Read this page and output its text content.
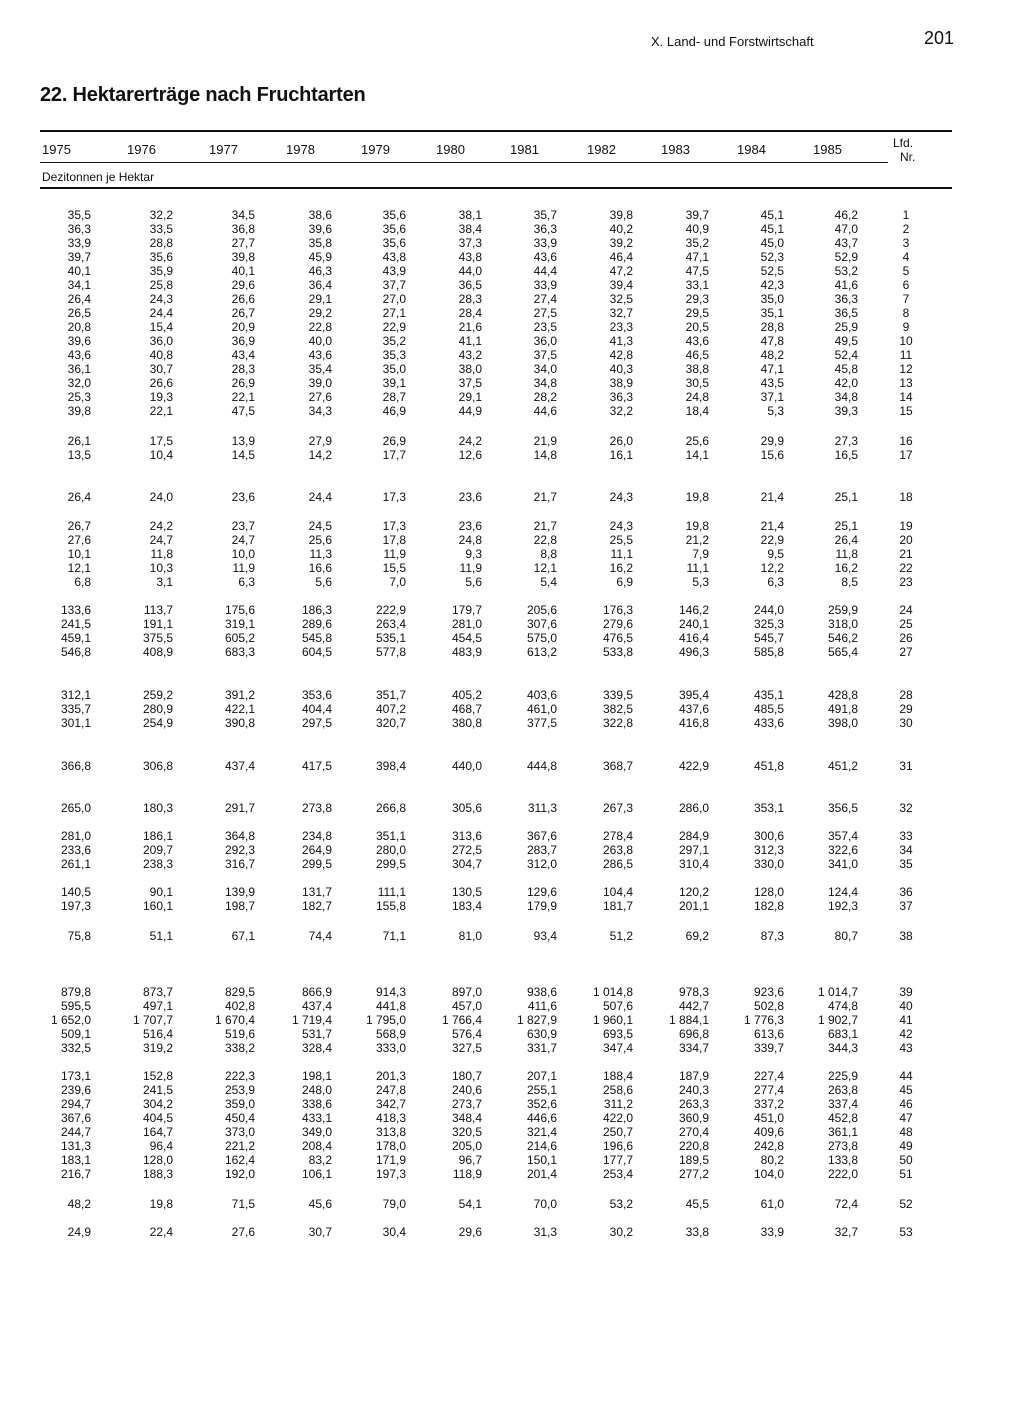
X. Land- und Forstwirtschaft	201
22. Hektarerträge nach Fruchtarten
1975	1976	1977	1978	1979	1980	1981	1982	1983	1984	1985	Lfd.
Nr.
Dezitonnen je Hektar
35,5	32,2	34,5	38,6	35,6	38,1	35,7	39,8	39,7	45,1	46,2	1
36,3	33,5	36,8	39,6	35,6	38,4	36,3	40,2	40,9	45,1	47,0	2
33,9	28,8	27,7	35,8	35,6	37,3	33,9	39,2	35,2	45,0	43,7	3
39,7	35,6	39,8	45,9	43,8	43,8	43,6	46,4	47,1	52,3	52,9	4
40,1	35,9	40,1	46,3	43,9	44,0	44,4	47,2	47,5	52,5	53,2	5
34,1	25,8	29,6	36,4	37,7	36,5	33,9	39,4	33,1	42,3	41,6	6
26,4	24,3	26,6	29,1	27,0	28,3	27,4	32,5	29,3	35,0	36,3	7
26,5	24,4	26,7	29,2	27,1	28,4	27,5	32,7	29,5	35,1	36,5	8
20,8	15,4	20,9	22,8	22,9	21,6	23,5	23,3	20,5	28,8	25,9	9
39,6	36,0	36,9	40,0	35,2	41,1	36,0	41,3	43,6	47,8	49,5	10
43,6	40,8	43,4	43,6	35,3	43,2	37,5	42,8	46,5	48,2	52,4	11
36,1	30,7	28,3	35,4	35,0	38,0	34,0	40,3	38,8	47,1	45,8	12
32,0	26,6	26,9	39,0	39,1	37,5	34,8	38,9	30,5	43,5	42,0	13
25,3	19,3	22,1	27,6	28,7	29,1	28,2	36,3	24,8	37,1	34,8	14
39,8	22,1	47,5	34,3	46,9	44,9	44,6	32,2	18,4	5,3	39,3	15
26,1	17,5	13,9	27,9	26,9	24,2	21,9	26,0	25,6	29,9	27,3	16
13,5	10,4	14,5	14,2	17,7	12,6	14,8	16,1	14,1	15,6	16,5	17
26,4	24,0	23,6	24,4	17,3	23,6	21,7	24,3	19,8	21,4	25,1	18
26,7	24,2	23,7	24,5	17,3	23,6	21,7	24,3	19,8	21,4	25,1	19
27,6	24,7	24,7	25,6	17,8	24,8	22,8	25,5	21,2	22,9	26,4	20
10,1	11,8	10,0	11,3	11,9	9,3	8,8	11,1	7,9	9,5	11,8	21
12,1	10,3	11,9	16,6	15,5	11,9	12,1	16,2	11,1	12,2	16,2	22
6,8	3,1	6,3	5,6	7,0	5,6	5,4	6,9	5,3	6,3	8,5	23
133,6	113,7	175,6	186,3	222,9	179,7	205,6	176,3	146,2	244,0	259,9	24
241,5	191,1	319,1	289,6	263,4	281,0	307,6	279,6	240,1	325,3	318,0	25
459,1	375,5	605,2	545,8	535,1	454,5	575,0	476,5	416,4	545,7	546,2	26
546,8	408,9	683,3	604,5	577,8	483,9	613,2	533,8	496,3	585,8	565,4	27
312,1	259,2	391,2	353,6	351,7	405,2	403,6	339,5	395,4	435,1	428,8	28
335,7	280,9	422,1	404,4	407,2	468,7	461,0	382,5	437,6	485,5	491,8	29
301,1	254,9	390,8	297,5	320,7	380,8	377,5	322,8	416,8	433,6	398,0	30
366,8	306,8	437,4	417,5	398,4	440,0	444,8	368,7	422,9	451,8	451,2	31
265,0	180,3	291,7	273,8	266,8	305,6	311,3	267,3	286,0	353,1	356,5	32
281,0	186,1	364,8	234,8	351,1	313,6	367,6	278,4	284,9	300,6	357,4	33
233,6	209,7	292,3	264,9	280,0	272,5	283,7	263,8	297,1	312,3	322,6	34
261,1	238,3	316,7	299,5	299,5	304,7	312,0	286,5	310,4	330,0	341,0	35
140,5	90,1	139,9	131,7	111,1	130,5	129,6	104,4	120,2	128,0	124,4	36
197,3	160,1	198,7	182,7	155,8	183,4	179,9	181,7	201,1	182,8	192,3	37
75,8	51,1	67,1	74,4	71,1	81,0	93,4	51,2	69,2	87,3	80,7	38
879,8	873,7	829,5	866,9	914,3	897,0	938,6	1 014,8	978,3	923,6	1 014,7	39
595,5	497,1	402,8	437,4	441,8	457,0	411,6	507,6	442,7	502,8	474,8	40
1 652,0	1 707,7	1 670,4	1 719,4	1 795,0	1 766,4	1 827,9	1 960,1	1 884,1	1 776,3	1 902,7	41
509,1	516,4	519,6	531,7	568,9	576,4	630,9	693,5	696,8	613,6	683,1	42
332,5	319,2	338,2	328,4	333,0	327,5	331,7	347,4	334,7	339,7	344,3	43
173,1	152,8	222,3	198,1	201,3	180,7	207,1	188,4	187,9	227,4	225,9	44
239,6	241,5	253,9	248,0	247,8	240,6	255,1	258,6	240,3	277,4	263,8	45
294,7	304,2	359,0	338,6	342,7	273,7	352,6	311,2	263,3	337,2	337,4	46
367,6	404,5	450,4	433,1	418,3	348,4	446,6	422,0	360,9	451,0	452,8	47
244,7	164,7	373,0	349,0	313,8	320,5	321,4	250,7	270,4	409,6	361,1	48
131,3	96,4	221,2	208,4	178,0	205,0	214,6	196,6	220,8	242,8	273,8	49
183,1	128,0	162,4	83,2	171,9	96,7	150,1	177,7	189,5	80,2	133,8	50
216,7	188,3	192,0	106,1	197,3	118,9	201,4	253,4	277,2	104,0	222,0	51
48,2	19,8	71,5	45,6	79,0	54,1	70,0	53,2	45,5	61,0	72,4	52
24,9	22,4	27,6	30,7	30,4	29,6	31,3	30,2	33,8	33,9	32,7	53
